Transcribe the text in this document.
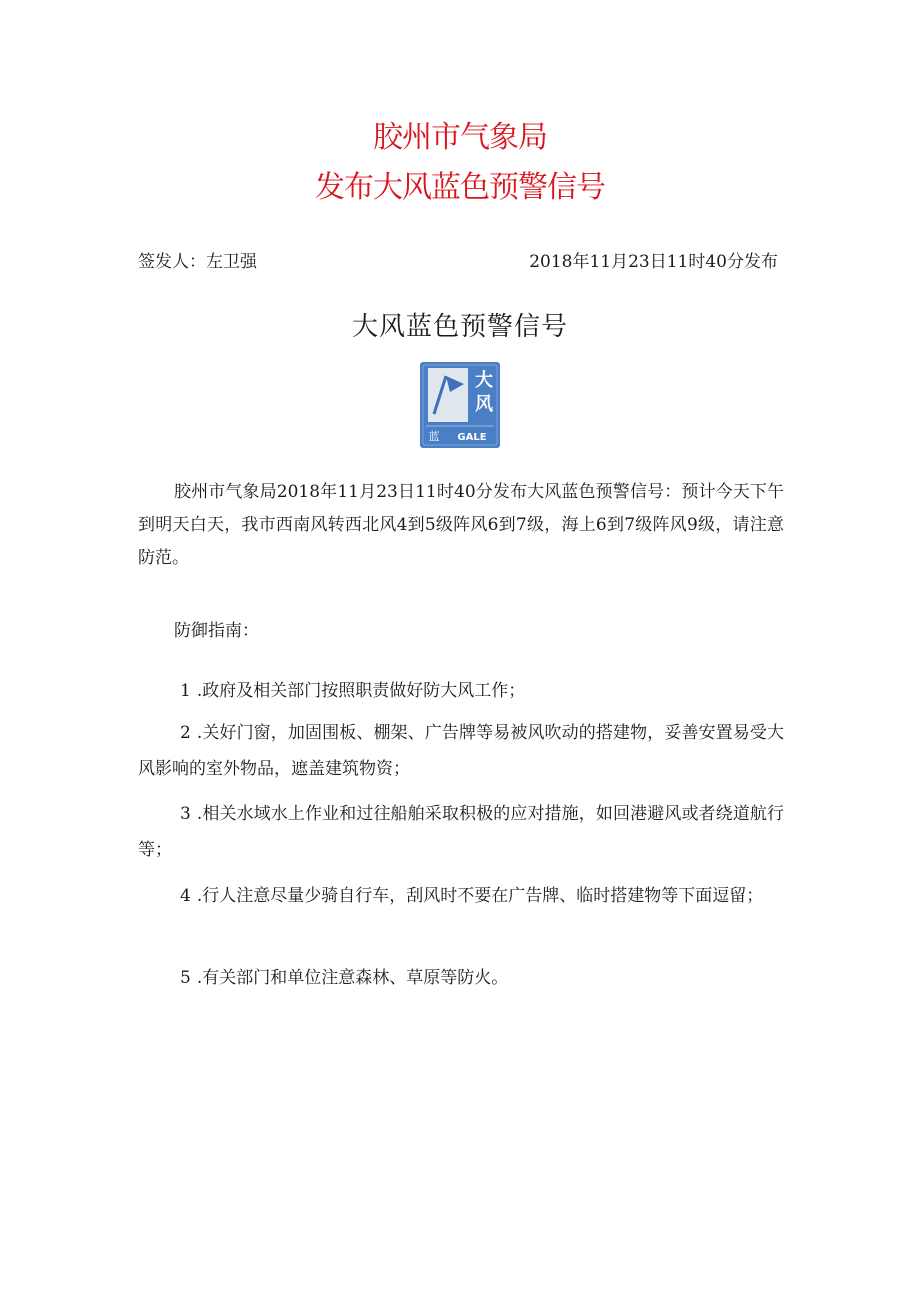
胶州市气象局
发布大风蓝色预警信号
签发人：左卫强	2018年11月23日11时40分发布
大风蓝色预警信号
大
风
蓝 GALE
胶州市气象局2018年11月23日11时40分发布大风蓝色预警信号：预计今天下午到明天白天，我市西南风转西北风4到5级阵风6到7级，海上6到7级阵风9级，请注意防范。
防御指南：
1 .政府及相关部门按照职责做好防大风工作；
2 .关好门窗，加固围板、棚架、广告牌等易被风吹动的搭建物，妥善安置易受大风影响的室外物品，遮盖建筑物资；
3 .相关水域水上作业和过往船舶采取积极的应对措施，如回港避风或者绕道航行等；
4 .行人注意尽量少骑自行车，刮风时不要在广告牌、临时搭建物等下面逗留；
5 .有关部门和单位注意森林、草原等防火。
